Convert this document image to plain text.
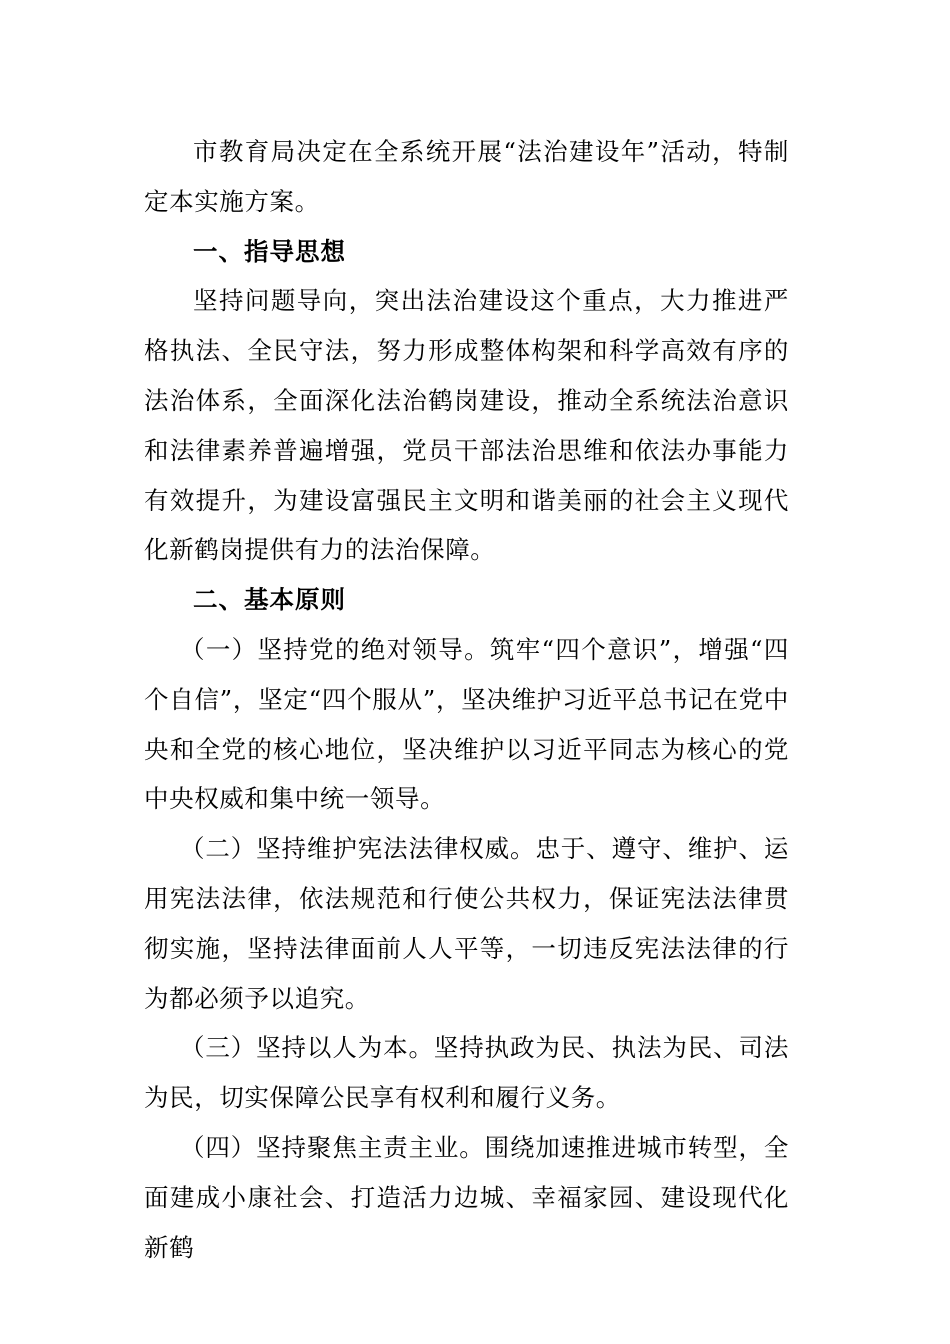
市教育局决定在全系统开展“法治建设年”活动，特制定本实施方案。

一、指导思想

坚持问题导向，突出法治建设这个重点，大力推进严格执法、全民守法，努力形成整体构架和科学高效有序的法治体系，全面深化法治鹤岗建设，推动全系统法治意识和法律素养普遍增强，党员干部法治思维和依法办事能力有效提升，为建设富强民主文明和谐美丽的社会主义现代化新鹤岗提供有力的法治保障。

二、基本原则

（一）坚持党的绝对领导。筑牢“四个意识”，增强“四个自信”，坚定“四个服从”，坚决维护习近平总书记在党中央和全党的核心地位，坚决维护以习近平同志为核心的党中央权威和集中统一领导。

（二）坚持维护宪法法律权威。忠于、遵守、维护、运用宪法法律，依法规范和行使公共权力，保证宪法法律贯彻实施，坚持法律面前人人平等，一切违反宪法法律的行为都必须予以追究。

（三）坚持以人为本。坚持执政为民、执法为民、司法为民，切实保障公民享有权利和履行义务。

（四）坚持聚焦主责主业。围绕加速推进城市转型，全面建成小康社会、打造活力边城、幸福家园、建设现代化新鹤
